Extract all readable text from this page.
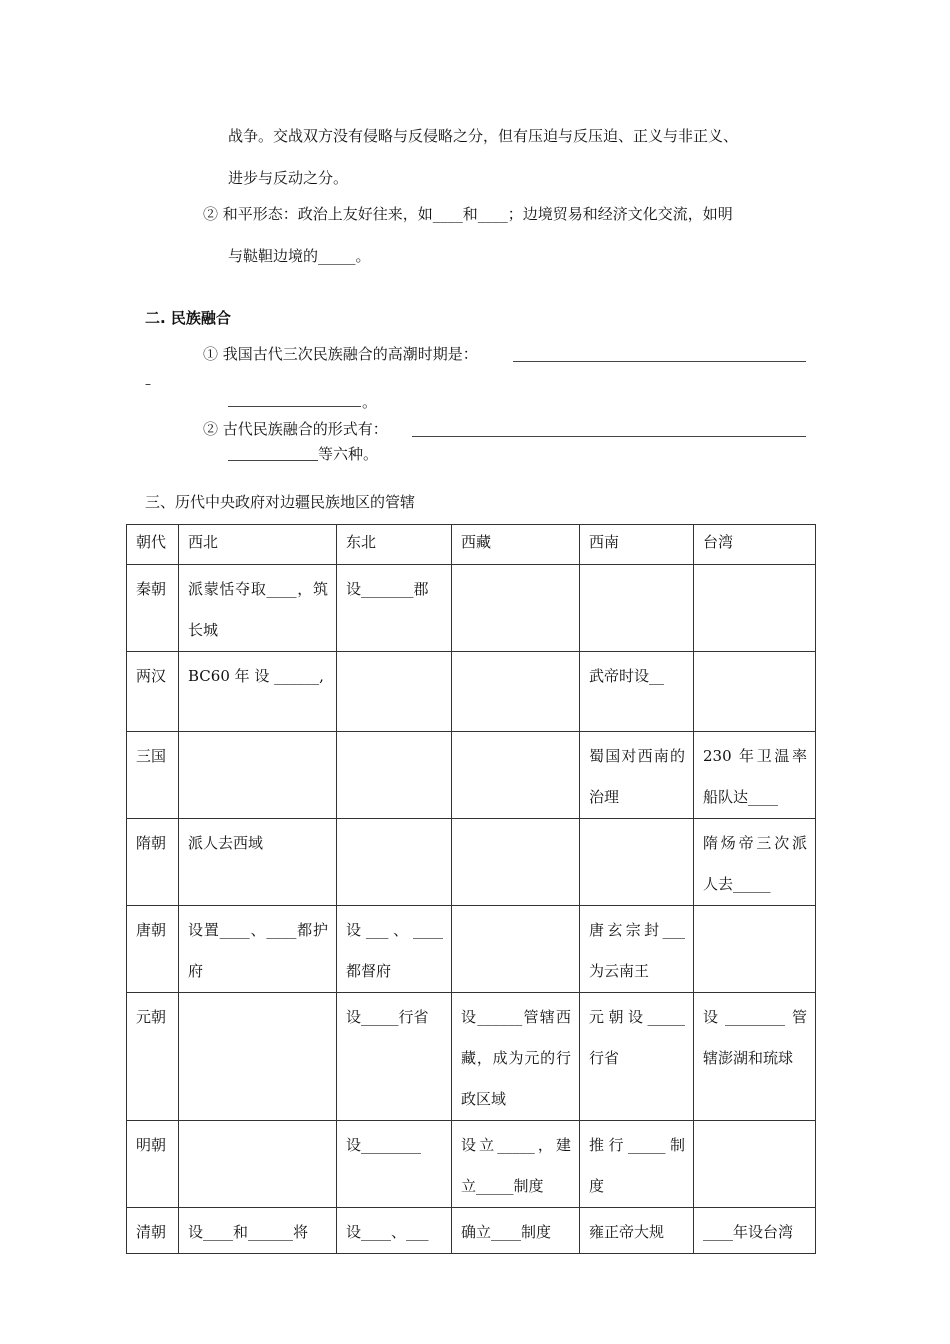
战争。交战双方没有侵略与反侵略之分，但有压迫与反压迫、正义与非正义、
进步与反动之分。
② 和平形态：政治上友好往来，如____和____；边境贸易和经济文化交流，如明
与鞑靼边境的_____。
二. 民族融合
① 我国古代三次民族融合的高潮时期是：
–
。
② 古代民族融合的形式有：
等六种。
三、历代中央政府对边疆民族地区的管辖
朝代	西北	东北	西藏	西南	台湾
秦朝	派蒙恬夺取____，筑长城	设_______郡			
两汉	BC60 年 设 ______,			武帝时设__	
三国				蜀国对西南的治理	230 年卫温率船队达____
隋朝	派人去西域				隋炀帝三次派人去_____
唐朝	设置____、____都护府	设___、____都督府		唐玄宗封___为云南王	
元朝		设_____行省	设______管辖西藏，成为元的行政区域	元朝设_____行省	设________管辖澎湖和琉球
明朝		设________	设立_____，建立_____制度	推行_____制度	
清朝	设____和______将	设____、___	确立____制度	雍正帝大规	____年设台湾
